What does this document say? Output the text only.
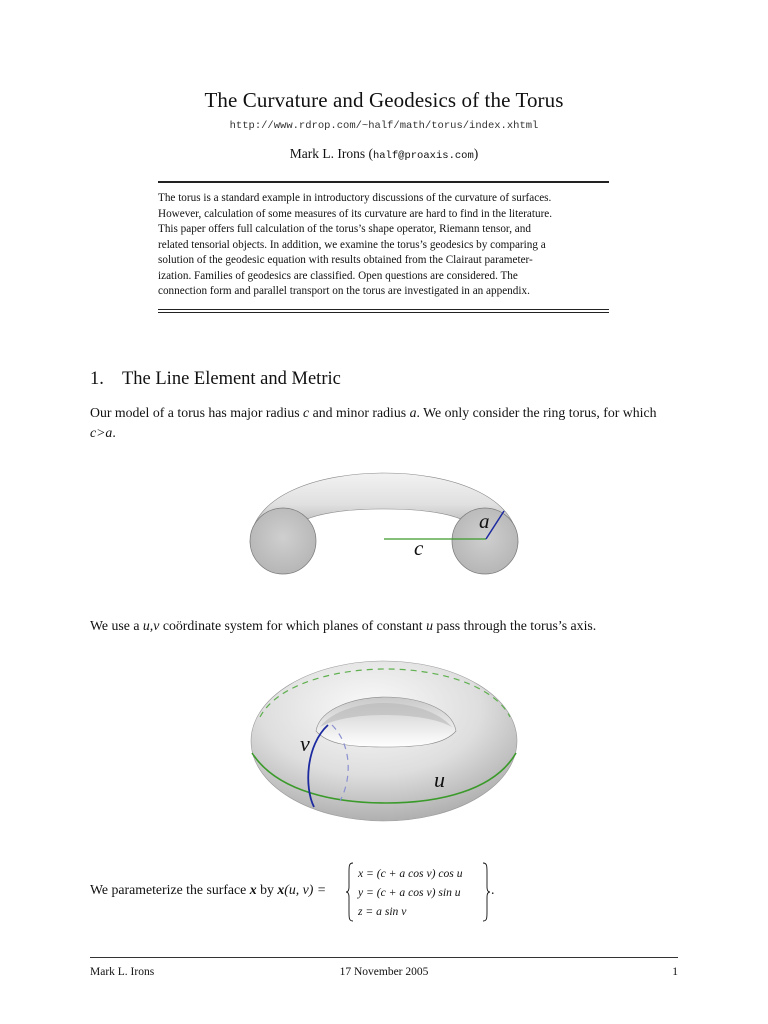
The Curvature and Geodesics of the Torus
http://www.rdrop.com/~half/math/torus/index.xhtml
Mark L. Irons (half@proaxis.com)
The torus is a standard example in introductory discussions of the curvature of surfaces.
However, calculation of some measures of its curvature are hard to find in the literature.
This paper offers full calculation of the torus’s shape operator, Riemann tensor, and
related tensorial objects. In addition, we examine the torus’s geodesics by comparing a
solution of the geodesic equation with results obtained from the Clairaut parameter-
ization. Families of geodesics are classified. Open questions are considered. The
connection form and parallel transport on the torus are investigated in an appendix.
1. The Line Element and Metric
Our model of a torus has major radius c and minor radius a. We only consider the ring torus, for which c>a.
a
c
We use a u,v coördinate system for which planes of constant u pass through the torus’s axis.
v
u
We parameterize the surface x by x(u, v) =
x = (c + a cos v) cos u
y = (c + a cos v) sin u
z = a sin v
.
Mark L. Irons	17 November 2005	1
